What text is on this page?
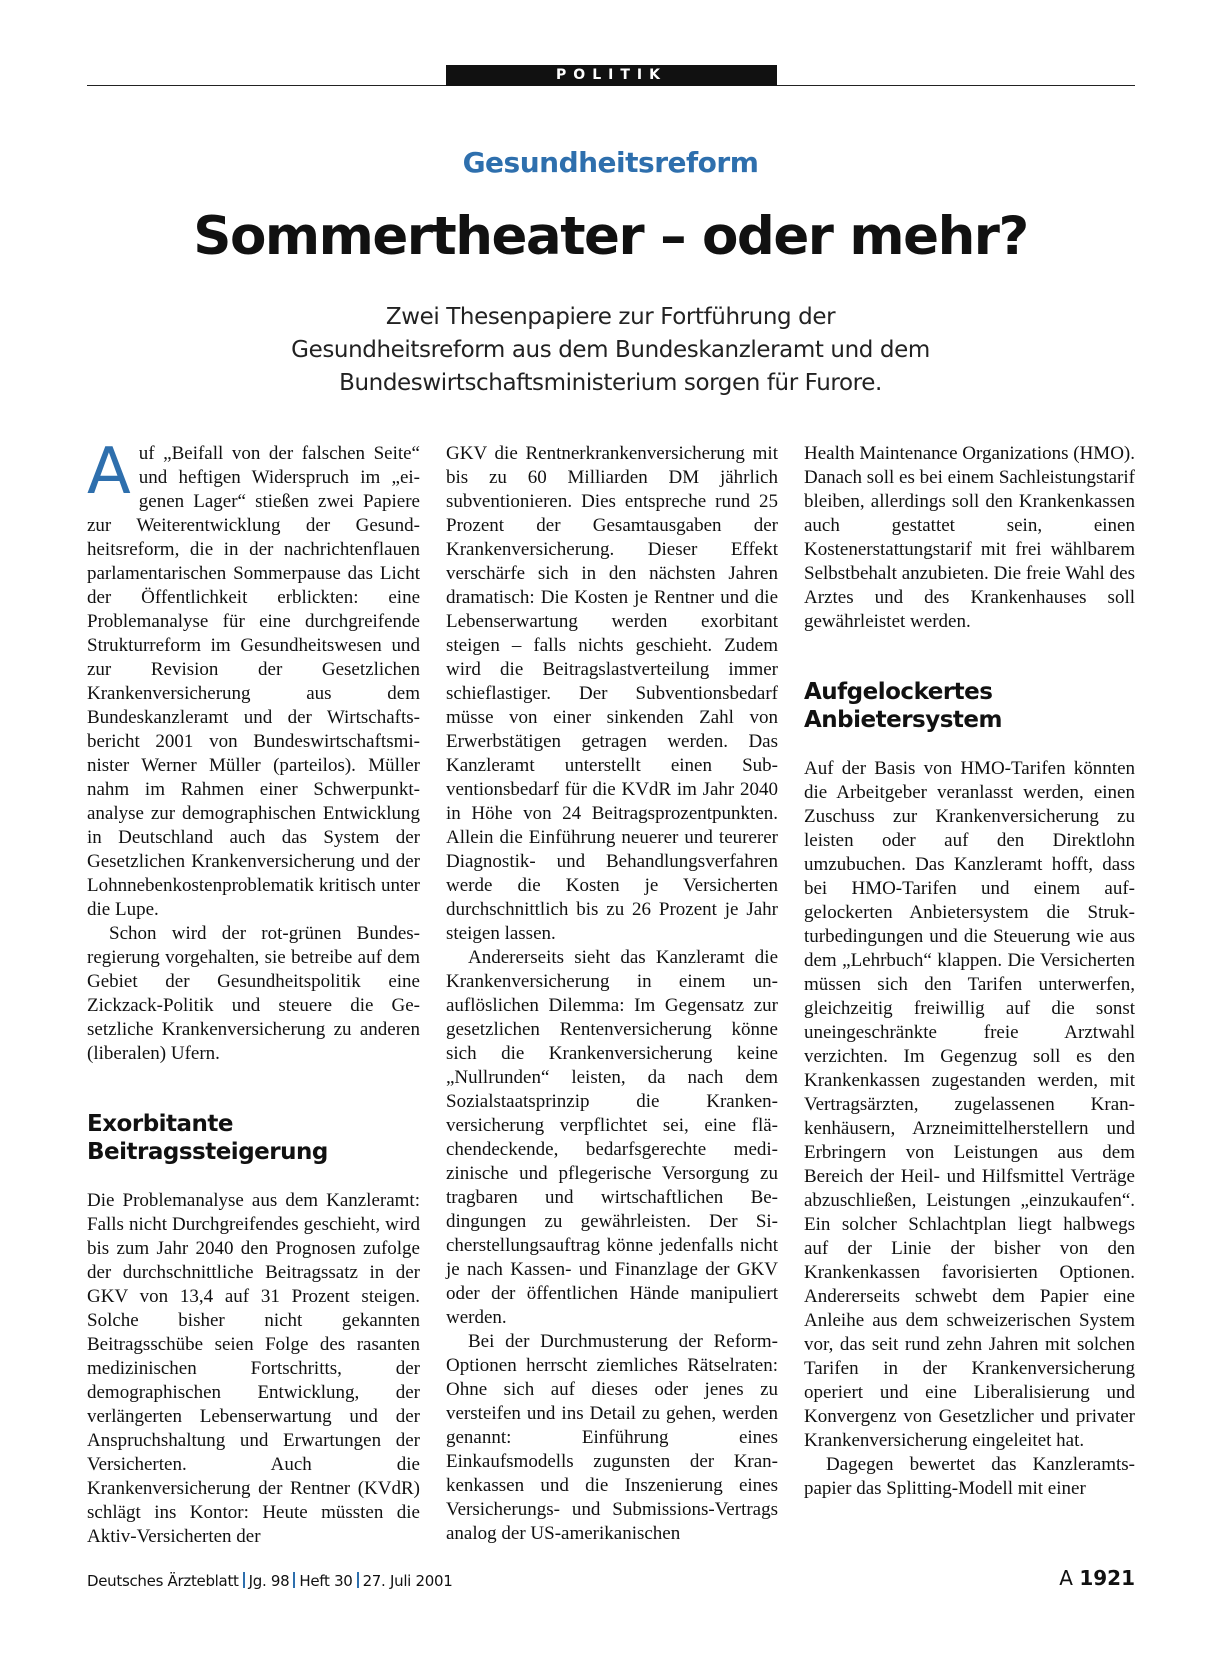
POLITIK
Gesundheitsreform
Sommertheater – oder mehr?
Zwei Thesenpapiere zur Fortführung der
Gesundheitsreform aus dem Bundeskanzleramt und dem
Bundeswirtschaftsministerium sorgen für Furore.

Auf „Beifall von der falschen Seite“ und heftigen Widerspruch im „eigenen Lager“ stießen zwei Papiere zur Weiterentwicklung der Gesundheitsreform, die in der nachrichtenflauen parlamentarischen Sommerpause das Licht der Öffentlichkeit erblickten: eine Problemanalyse für eine durchgreifende Strukturreform im Gesundheitswesen und zur Revision der Gesetzlichen Krankenversicherung aus dem Bundeskanzleramt und der Wirtschaftsbericht 2001 von Bundeswirtschaftsminister Werner Müller (parteilos). Müller nahm im Rahmen einer Schwerpunktanalyse zur demographischen Entwicklung in Deutschland auch das System der Gesetzlichen Krankenversicherung und der Lohnnebenkostenproblematik kritisch unter die Lupe.

Schon wird der rot-grünen Bundesregierung vorgehalten, sie betreibe auf dem Gebiet der Gesundheitspolitik eine Zickzack-Politik und steuere die Gesetzliche Krankenversicherung zu anderen (liberalen) Ufern.

Exorbitante
Beitragssteigerung

Die Problemanalyse aus dem Kanzleramt: Falls nicht Durchgreifendes geschieht, wird bis zum Jahr 2040 den Prognosen zufolge der durchschnittliche Beitragssatz in der GKV von 13,4 auf 31 Prozent steigen. Solche bisher nicht gekannten Beitragsschübe seien Folge des rasanten medizinischen Fortschritts, der demographischen Entwicklung, der verlängerten Lebenserwartung und der Anspruchshaltung und Erwartungen der Versicherten. Auch die Krankenversicherung der Rentner (KVdR) schlägt ins Kontor: Heute müssten die Aktiv-Versicherten der

GKV die Rentnerkrankenversicherung mit bis zu 60 Milliarden DM jährlich subventionieren. Dies entspreche rund 25 Prozent der Gesamtausgaben der Krankenversicherung. Dieser Effekt verschärfe sich in den nächsten Jahren dramatisch: Die Kosten je Rentner und die Lebenserwartung werden exorbitant steigen – falls nichts geschieht. Zudem wird die Beitragslastverteilung immer schieflastiger. Der Subventionsbedarf müsse von einer sinkenden Zahl von Erwerbstätigen getragen werden. Das Kanzleramt unterstellt einen Subventionsbedarf für die KVdR im Jahr 2040 in Höhe von 24 Beitragsprozentpunkten. Allein die Einführung neuerer und teurerer Diagnostik- und Behandlungsverfahren werde die Kosten je Versicherten durchschnittlich bis zu 26 Prozent je Jahr steigen lassen.

Andererseits sieht das Kanzleramt die Krankenversicherung in einem unauflöslichen Dilemma: Im Gegensatz zur gesetzlichen Rentenversicherung könne sich die Krankenversicherung keine „Nullrunden“ leisten, da nach dem Sozialstaatsprinzip die Krankenversicherung verpflichtet sei, eine flächendeckende, bedarfsgerechte medizinische und pflegerische Versorgung zu tragbaren und wirtschaftlichen Bedingungen zu gewährleisten. Der Sicherstellungsauftrag könne jedenfalls nicht je nach Kassen- und Finanzlage der GKV oder der öffentlichen Hände manipuliert werden.

Bei der Durchmusterung der Reform-Optionen herrscht ziemliches Rätselraten: Ohne sich auf dieses oder jenes zu versteifen und ins Detail zu gehen, werden genannt: Einführung eines Einkaufsmodells zugunsten der Krankenkassen und die Inszenierung eines Versicherungs- und Submissions-Vertrags analog der US-amerikanischen

Health Maintenance Organizations (HMO). Danach soll es bei einem Sachleistungstarif bleiben, allerdings soll den Krankenkassen auch gestattet sein, einen Kostenerstattungstarif mit frei wählbarem Selbstbehalt anzubieten. Die freie Wahl des Arztes und des Krankenhauses soll gewährleistet werden.

Aufgelockertes
Anbietersystem

Auf der Basis von HMO-Tarifen könnten die Arbeitgeber veranlasst werden, einen Zuschuss zur Krankenversicherung zu leisten oder auf den Direktlohn umzubuchen. Das Kanzleramt hofft, dass bei HMO-Tarifen und einem aufgelockerten Anbietersystem die Strukturbedingungen und die Steuerung wie aus dem „Lehrbuch“ klappen. Die Versicherten müssen sich den Tarifen unterwerfen, gleichzeitig freiwillig auf die sonst uneingeschränkte freie Arztwahl verzichten. Im Gegenzug soll es den Krankenkassen zugestanden werden, mit Vertragsärzten, zugelassenen Krankenhäusern, Arzneimittelherstellern und Erbringern von Leistungen aus dem Bereich der Heil- und Hilfsmittel Verträge abzuschließen, Leistungen „einzukaufen“. Ein solcher Schlachtplan liegt halbwegs auf der Linie der bisher von den Krankenkassen favorisierten Optionen. Andererseits schwebt dem Papier eine Anleihe aus dem schweizerischen System vor, das seit rund zehn Jahren mit solchen Tarifen in der Krankenversicherung operiert und eine Liberalisierung und Konvergenz von Gesetzlicher und privater Krankenversicherung eingeleitet hat.

Dagegen bewertet das Kanzleramtspapier das Splitting-Modell mit einer

Deutsches Ärzteblatt Jg. 98 Heft 30 27. Juli 2001	A 1921
